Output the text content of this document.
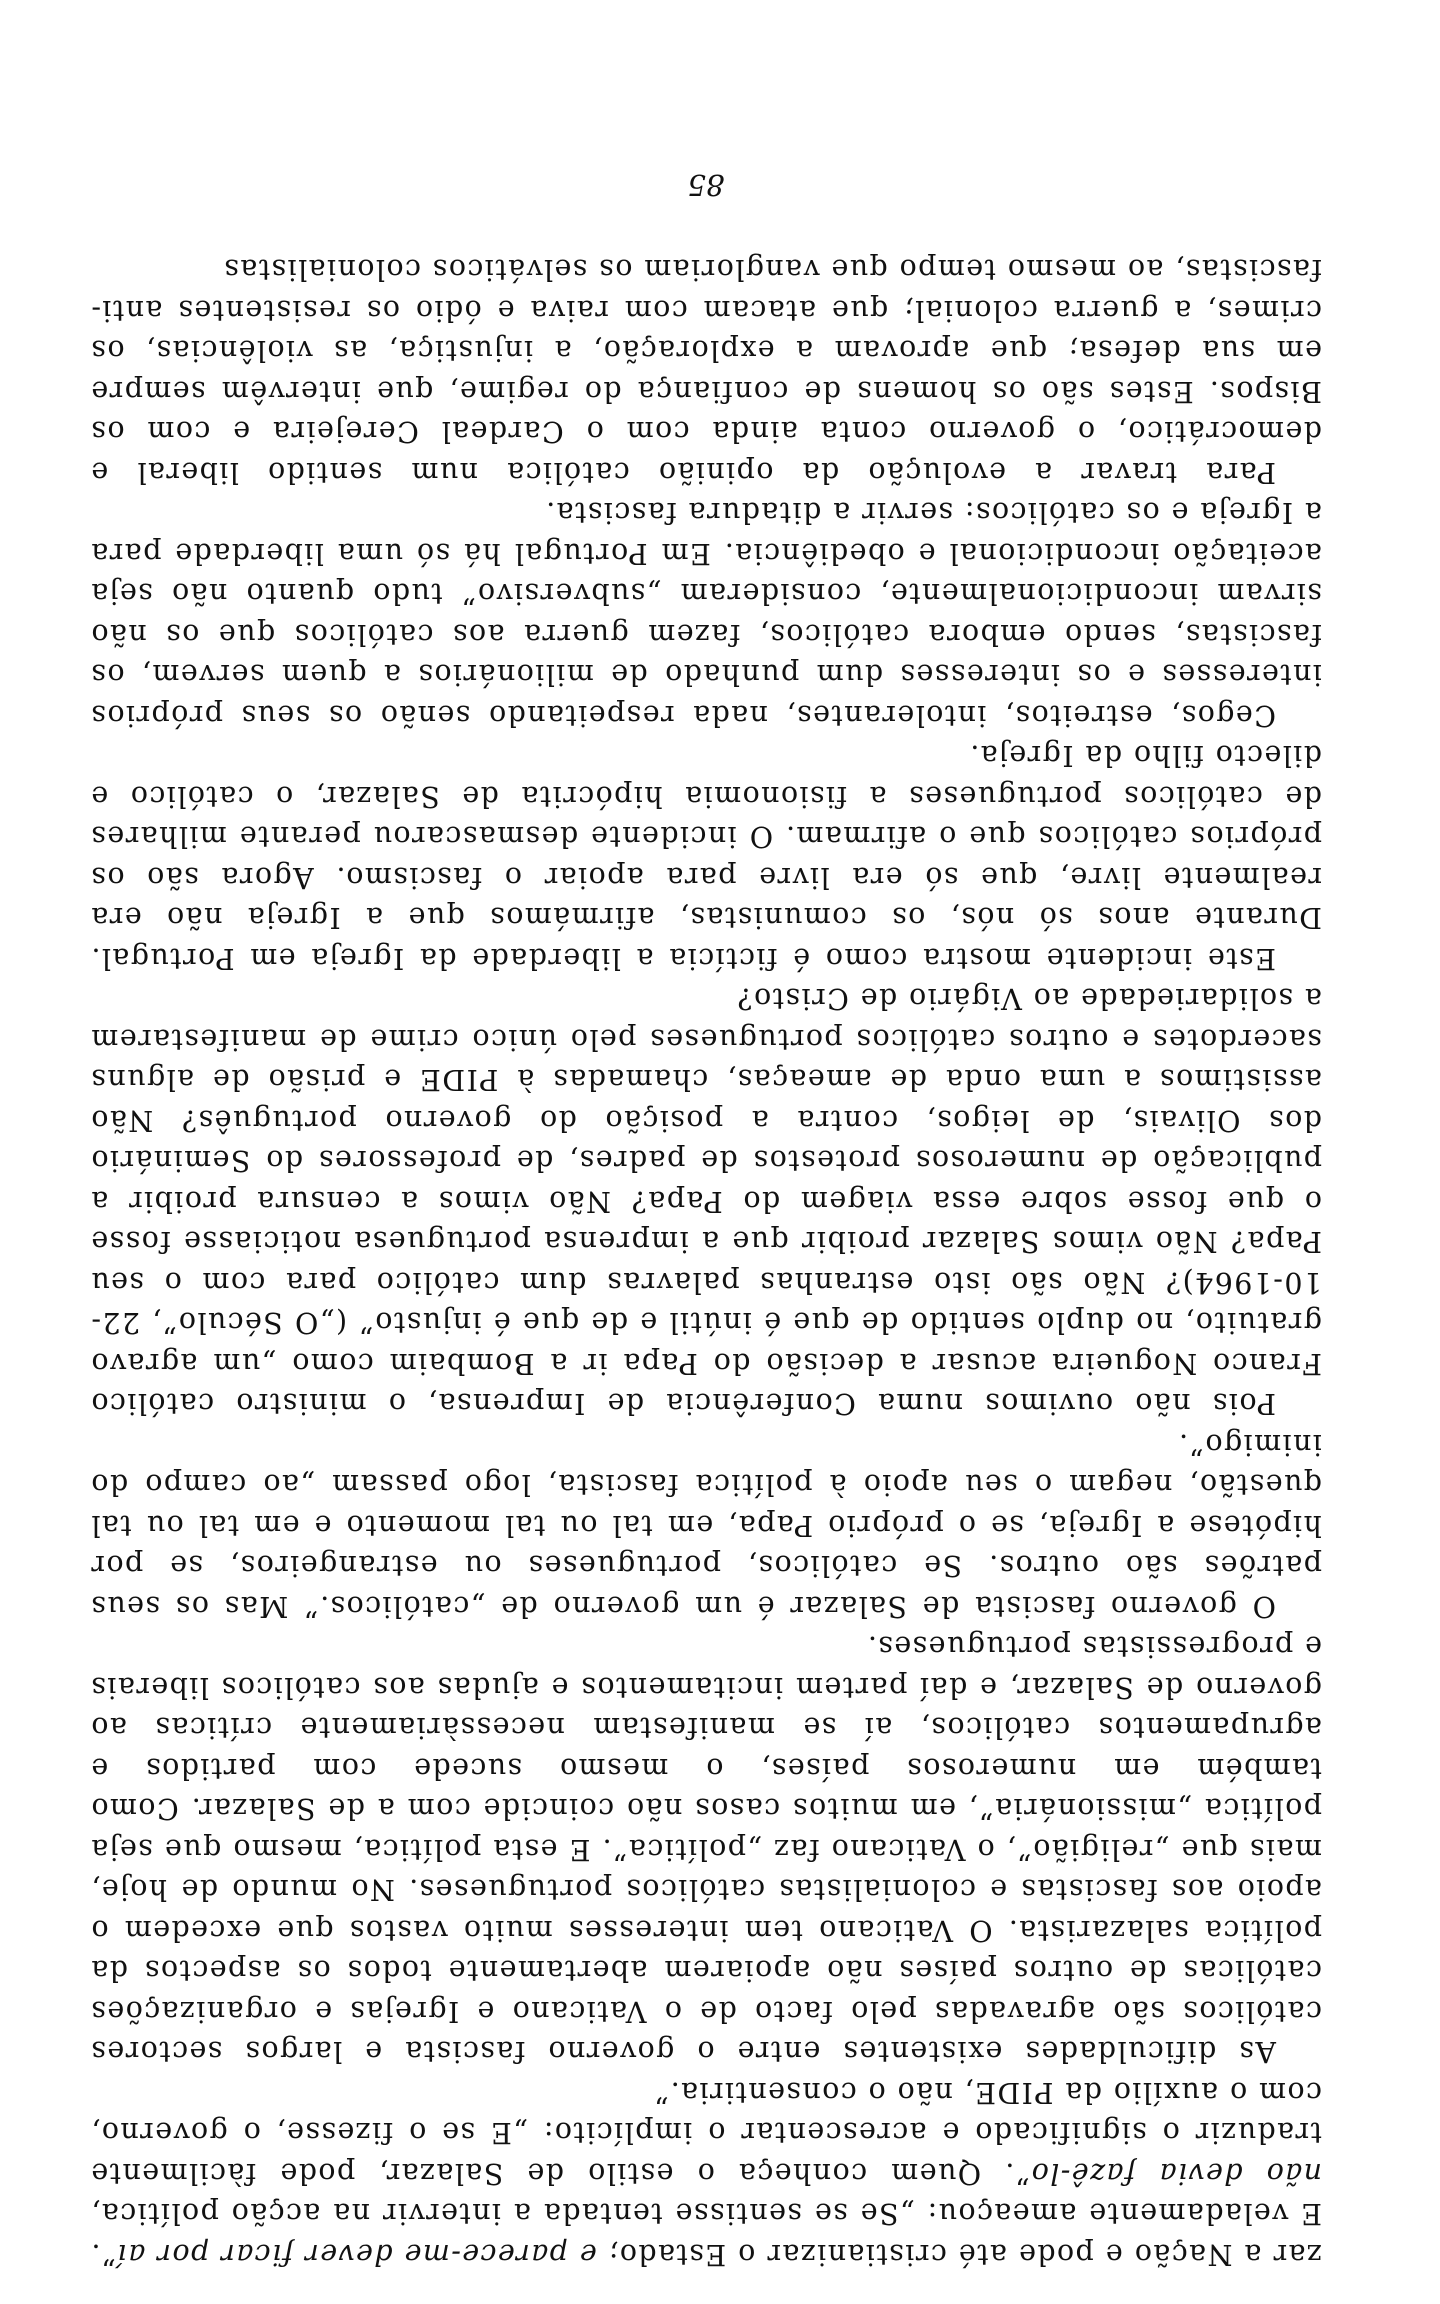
zar a Nação e pode até cristianizar o Estado; e parece-me dever ficar por aí”. E veladamente ameaçou: „Se se sentisse tentada a intervir na acção política, não devia fazê-lo”. Quem conheça o estilo de Salazar, pode fàcilmente traduzir o significado e acrescentar o implícito: „E se o fizesse, o governo, com o auxílio da PIDE, não o consentiria.”

As dificuldades existentes entre o governo fascista e largos sectores católicos são agravadas pelo facto de o Vaticano e Igrejas e organizações católicas de outros países não apoiarem abertamente todos os aspectos da política salazarista. O Vaticano tem interesses muito vastos que excedem o apoio aos fascistas e colonialistas católicos portugueses. No mundo de hoje, mais que „religião”, o Vaticano faz „política”. E esta política, mesmo que seja política „missionária”, em muitos casos não coincide com a de Salazar. Como também em numerosos países, o mesmo sucede com partidos e agrupamentos católicos, aí se manifestam necessàriamente críticas ao governo de Salazar, e daí partem incitamentos e ajudas aos católicos liberais e progressistas portugueses.

O governo fascista de Salazar é um governo de „católicos.” Mas os seus patrões são outros. Se católicos, portugueses ou estrangeiros, se por hipótese a Igreja, se o próprio Papa, em tal ou tal momento e em tal ou tal questão, negam o seu apoio à política fascista, logo passam „ao campo do inimigo”.

Pois não ouvimos numa Conferência de Imprensa, o ministro católico Franco Nogueira acusar a decisão do Papa ir a Bombaim como „um agravo gratuito, no duplo sentido de que é inútil e de que é injusto” („O Século”, 22-10-1964)? Não são isto estranhas palavras dum católico para com o seu Papa? Não vimos Salazar proibir que a imprensa portuguesa noticiasse fosse o que fosse sobre essa viagem do Papa? Não vimos a censura proibir a publicação de numerosos protestos de padres, de professores do Seminário dos Olivais, de leigos, contra a posição do governo português? Não assistimos a uma onda de ameaças, chamadas à PIDE e prisão de alguns sacerdotes e outros católicos portugueses pelo único crime de manifestarem a solidariedade ao Vigário de Cristo?

Este incidente mostra como é fictícia a liberdade da Igreja em Portugal. Durante anos só nós, os comunistas, afirmámos que a Igreja não era realmente livre, que só era livre para apoiar o fascismo. Agora são os próprios católicos que o afirmam. O incidente desmascarou perante milhares de católicos portugueses a fisionomia hipócrita de Salazar, o católico e dilecto filho da Igreja.

Cegos, estreitos, intolerantes, nada respeitando senão os seus próprios interesses e os interesses dum punhado de milionários a quem servem, os fascistas, sendo embora católicos, fazem guerra aos católicos que os não sirvam incondicionalmente, consideram „subversivo” tudo quanto não seja aceitação incondicional e obediência. Em Portugal há só uma liberdade para a Igreja e os católicos: servir a ditadura fascista.

Para travar a evolução da opinião católica num sentido liberal e democrático, o governo conta ainda com o Cardeal Cerejeira e com os Bispos. Estes são os homens de confiança do regime, que intervêm sempre em sua defesa; que aprovam a exploração, a injustiça, as violências, os crimes, a guerra colonial; que atacam com raiva e ódio os resistentes anti-fascistas, ao mesmo tempo que vangloriam os selváticos colonialistas

85
